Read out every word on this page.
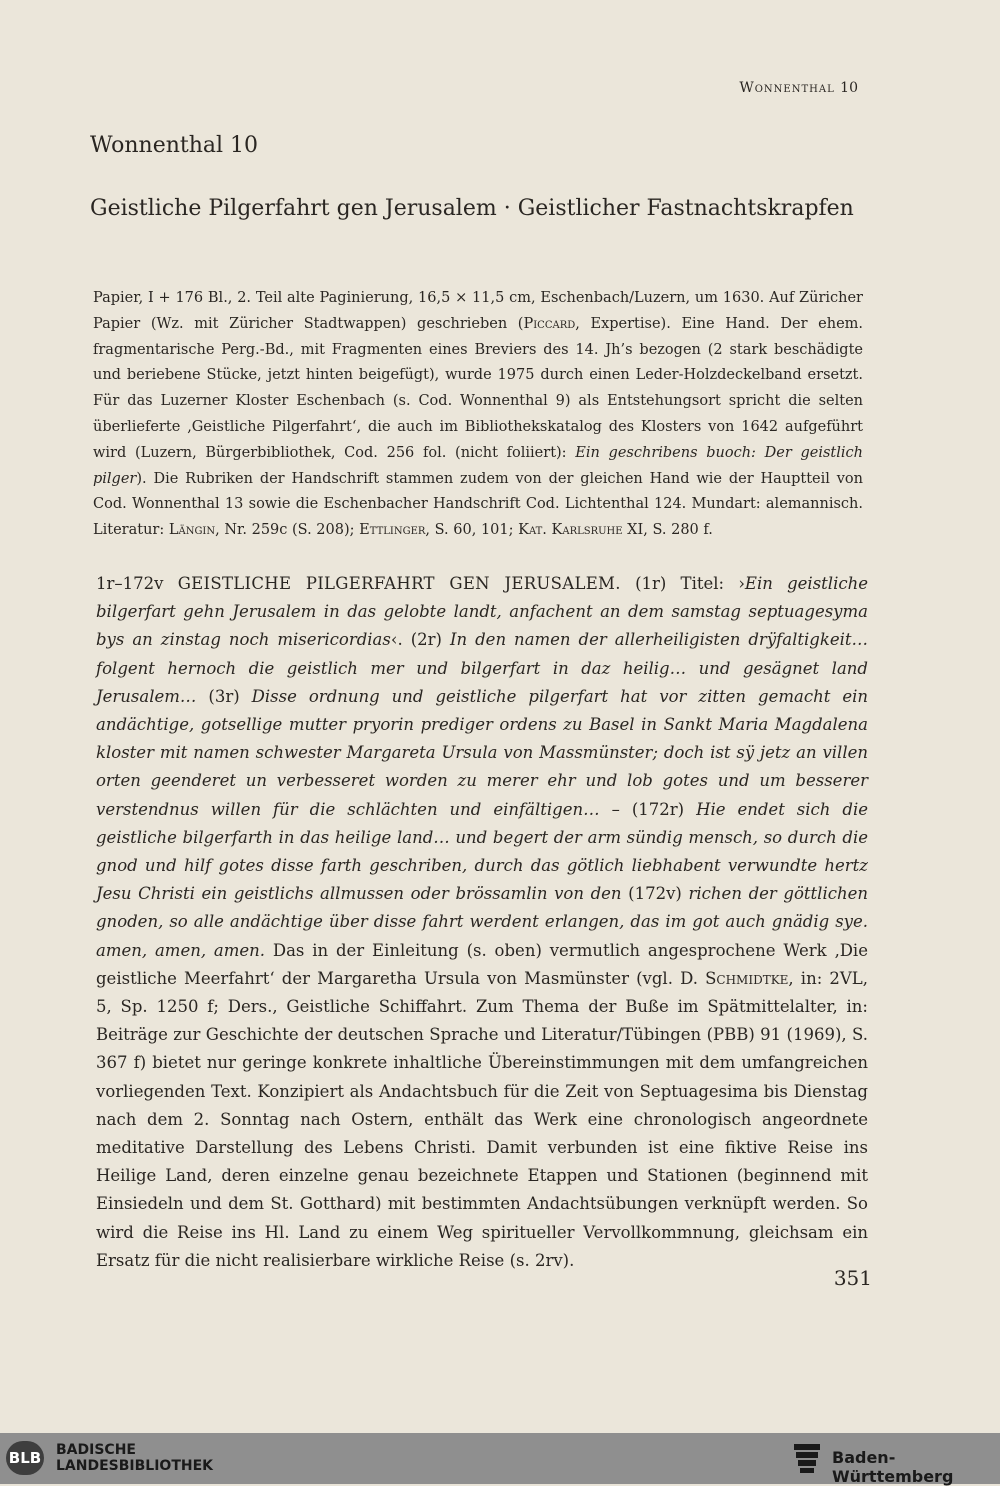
Wonnenthal 10
Wonnenthal 10
Geistliche Pilgerfahrt gen Jerusalem · Geistlicher Fastnachtskrapfen
Papier, I + 176 Bl., 2. Teil alte Paginierung, 16,5 × 11,5 cm, Eschenbach/Luzern, um 1630. Auf Züricher Papier (Wz. mit Züricher Stadtwappen) geschrieben (Piccard, Expertise). Eine Hand. Der ehem. fragmentarische Perg.-Bd., mit Fragmenten eines Breviers des 14. Jh’s bezogen (2 stark beschädigte und beriebene Stücke, jetzt hinten beigefügt), wurde 1975 durch einen Leder-Holzdeckelband ersetzt. Für das Luzerner Kloster Eschenbach (s. Cod. Wonnenthal 9) als Entstehungsort spricht die selten überlieferte ‚Geistliche Pilgerfahrt‘, die auch im Bibliothekskatalog des Klosters von 1642 aufgeführt wird (Luzern, Bürgerbibliothek, Cod. 256 fol. (nicht foliiert): Ein geschribens buoch: Der geistlich pilger). Die Rubriken der Handschrift stammen zudem von der gleichen Hand wie der Hauptteil von Cod. Wonnenthal 13 sowie die Eschenbacher Handschrift Cod. Lichtenthal 124. Mundart: alemannisch. Literatur: Längin, Nr. 259c (S. 208); Ettlinger, S. 60, 101; Kat. Karlsruhe XI, S. 280 f.
1r–172v GEISTLICHE PILGERFAHRT GEN JERUSALEM. (1r) Titel: ›Ein geistliche bilgerfart gehn Jerusalem in das gelobte landt, anfachent an dem samstag septuagesyma bys an zinstag noch misericordias‹. (2r) In den namen der allerheiligisten drÿfaltigkeit… folgent hernoch die geistlich mer und bilgerfart in daz heilig… und gesägnet land Jerusalem… (3r) Disse ordnung und geistliche pilgerfart hat vor zitten gemacht ein andächtige, gotsellige mutter pryorin prediger ordens zu Basel in Sankt Maria Magdalena kloster mit namen schwester Margareta Ursula von Massmünster; doch ist sÿ jetz an villen orten geenderet un verbesseret worden zu merer ehr und lob gotes und um besserer verstendnus willen für die schlächten und einfältigen… – (172r) Hie endet sich die geistliche bilgerfarth in das heilige land… und begert der arm sündig mensch, so durch die gnod und hilf gotes disse farth geschriben, durch das götlich liebhabent verwundte hertz Jesu Christi ein geistlichs allmussen oder brössamlin von den (172v) richen der göttlichen gnoden, so alle andächtige über disse fahrt werdent erlangen, das im got auch gnädig sye. amen, amen, amen. Das in der Einleitung (s. oben) vermutlich angesprochene Werk ‚Die geistliche Meerfahrt‘ der Margaretha Ursula von Masmünster (vgl. D. Schmidtke, in: 2VL, 5, Sp. 1250 f; Ders., Geistliche Schiffahrt. Zum Thema der Buße im Spätmittelalter, in: Beiträge zur Geschichte der deutschen Sprache und Literatur/Tübingen (PBB) 91 (1969), S. 367 f) bietet nur geringe konkrete inhaltliche Übereinstimmungen mit dem umfangreichen vorliegenden Text. Konzipiert als Andachtsbuch für die Zeit von Septuagesima bis Dienstag nach dem 2. Sonntag nach Ostern, enthält das Werk eine chronologisch angeordnete meditative Darstellung des Lebens Christi. Damit verbunden ist eine fiktive Reise ins Heilige Land, deren einzelne genau bezeichnete Etappen und Stationen (beginnend mit Einsiedeln und dem St. Gotthard) mit bestimmten Andachtsübungen verknüpft werden. So wird die Reise ins Hl. Land zu einem Weg spiritueller Vervollkommnung, gleichsam ein Ersatz für die nicht realisierbare wirkliche Reise (s. 2rv).
351
BLB BADISCHE
LANDESBIBLIOTHEK	Baden-Württemberg
